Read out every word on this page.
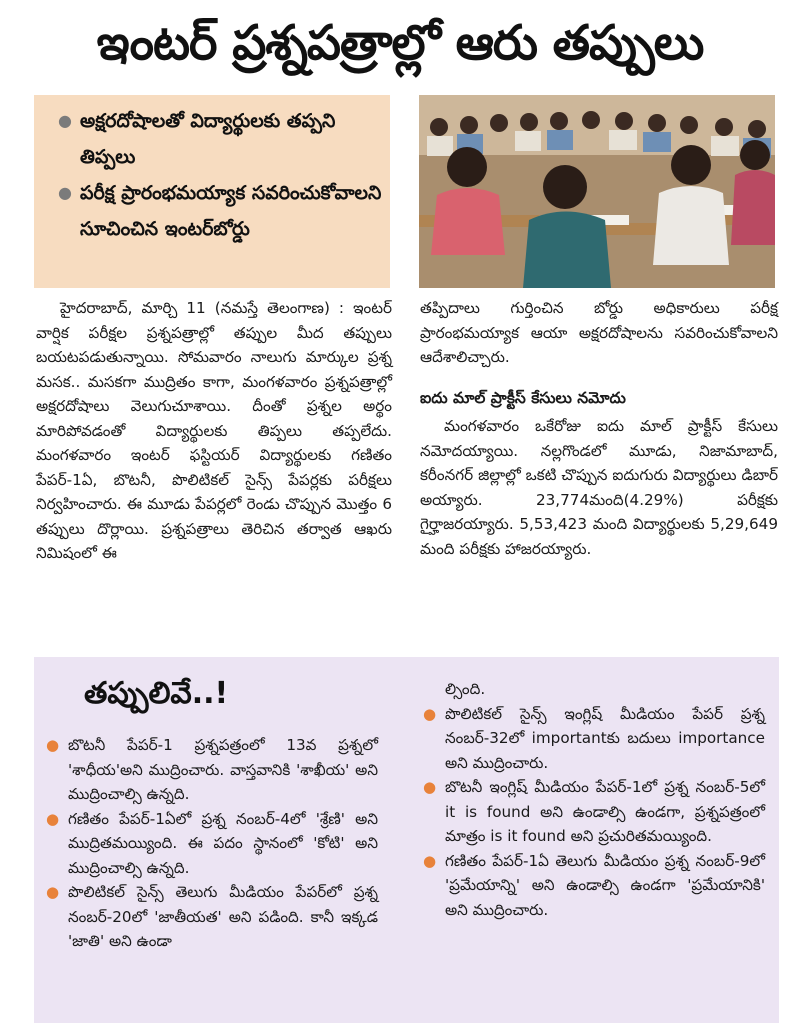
ఇంటర్ ప్రశ్నపత్రాల్లో ఆరు తప్పులు
● అక్షరదోషాలతో విద్యార్థులకు తప్పని తిప్పలు
● పరీక్ష ప్రారంభమయ్యాక సవరించుకోవాలని సూచించిన ఇంటర్‌బోర్డు

హైదరాబాద్, మార్చి 11 (నమస్తే తెలంగాణ) : ఇంటర్ వార్షిక పరీక్షల ప్రశ్నపత్రాల్లో తప్పుల మీద తప్పులు బయటపడుతున్నాయి. సోమవారం నాలుగు మార్కుల ప్రశ్న మసక.. మసకగా ముద్రితం కాగా, మంగళవారం ప్రశ్నపత్రాల్లో అక్షరదోషాలు వెలుగుచూశాయి. దీంతో ప్రశ్నల అర్థం మారిపోవడంతో విద్యార్థులకు తిప్పలు తప్పలేదు. మంగళవారం ఇంటర్ ఫస్టియర్ విద్యార్థులకు గణితం పేపర్-1ఏ, బొటనీ, పొలిటికల్ సైన్స్ పేపర్లకు పరీక్షలు నిర్వహించారు. ఈ మూడు పేపర్లలో రెండు చొప్పున మొత్తం 6 తప్పులు దొర్లాయి. ప్రశ్నపత్రాలు తెరిచిన తర్వాత ఆఖరు నిమిషంలో ఈ

తప్పిదాలు గుర్తించిన బోర్డు అధికారులు పరీక్ష ప్రారంభమయ్యాక ఆయా అక్షరదోషాలను సవరించుకోవాలని ఆదేశాలిచ్చారు.

ఐదు మాల్ ప్రాక్టీస్ కేసులు నమోదు

మంగళవారం ఒకేరోజు ఐదు మాల్ ప్రాక్టీస్ కేసులు నమోదయ్యాయి. నల్లగొండలో మూడు, నిజామాబాద్, కరీంనగర్ జిల్లాల్లో ఒకటి చొప్పున ఐదుగురు విద్యార్థులు డిబార్ అయ్యారు. 23,774మంది(4.29%) పరీక్షకు గైర్హాజరయ్యారు. 5,53,423 మంది విద్యార్థులకు 5,29,649 మంది పరీక్షకు హాజరయ్యారు.

తప్పులివే..!
● బొటనీ పేపర్-1 ప్రశ్నపత్రంలో 13వ ప్రశ్నలో 'శాధీయ'అని ముద్రించారు. వాస్తవానికి 'శాఖీయ' అని ముద్రించాల్సి ఉన్నది.
● గణితం పేపర్-1ఏలో ప్రశ్న నంబర్-4లో 'శ్రేణి' అని ముద్రితమయ్యింది. ఈ పదం స్థానంలో 'కోటి' అని ముద్రించాల్సి ఉన్నది.
● పొలిటికల్ సైన్స్ తెలుగు మీడియం పేపర్‌లో ప్రశ్న నంబర్-20లో 'జాతీయత' అని పడింది. కానీ ఇక్కడ 'జాతి' అని ఉండా
ల్సింది.
● పొలిటికల్ సైన్స్ ఇంగ్లిష్ మీడియం పేపర్ ప్రశ్న నంబర్-32లో importantకు బదులు importance అని ముద్రించారు.
● బొటనీ ఇంగ్లిష్ మీడియం పేపర్-1లో ప్రశ్న నంబర్-5లో it is found అని ఉండాల్సి ఉండగా, ప్రశ్నపత్రంలో మాత్రం is it found అని ప్రచురితమయ్యింది.
● గణితం పేపర్-1ఏ తెలుగు మీడియం ప్రశ్న నంబర్-9లో 'ప్రమేయాన్ని' అని ఉండాల్సి ఉండగా 'ప్రమేయానికి' అని ముద్రించారు.
